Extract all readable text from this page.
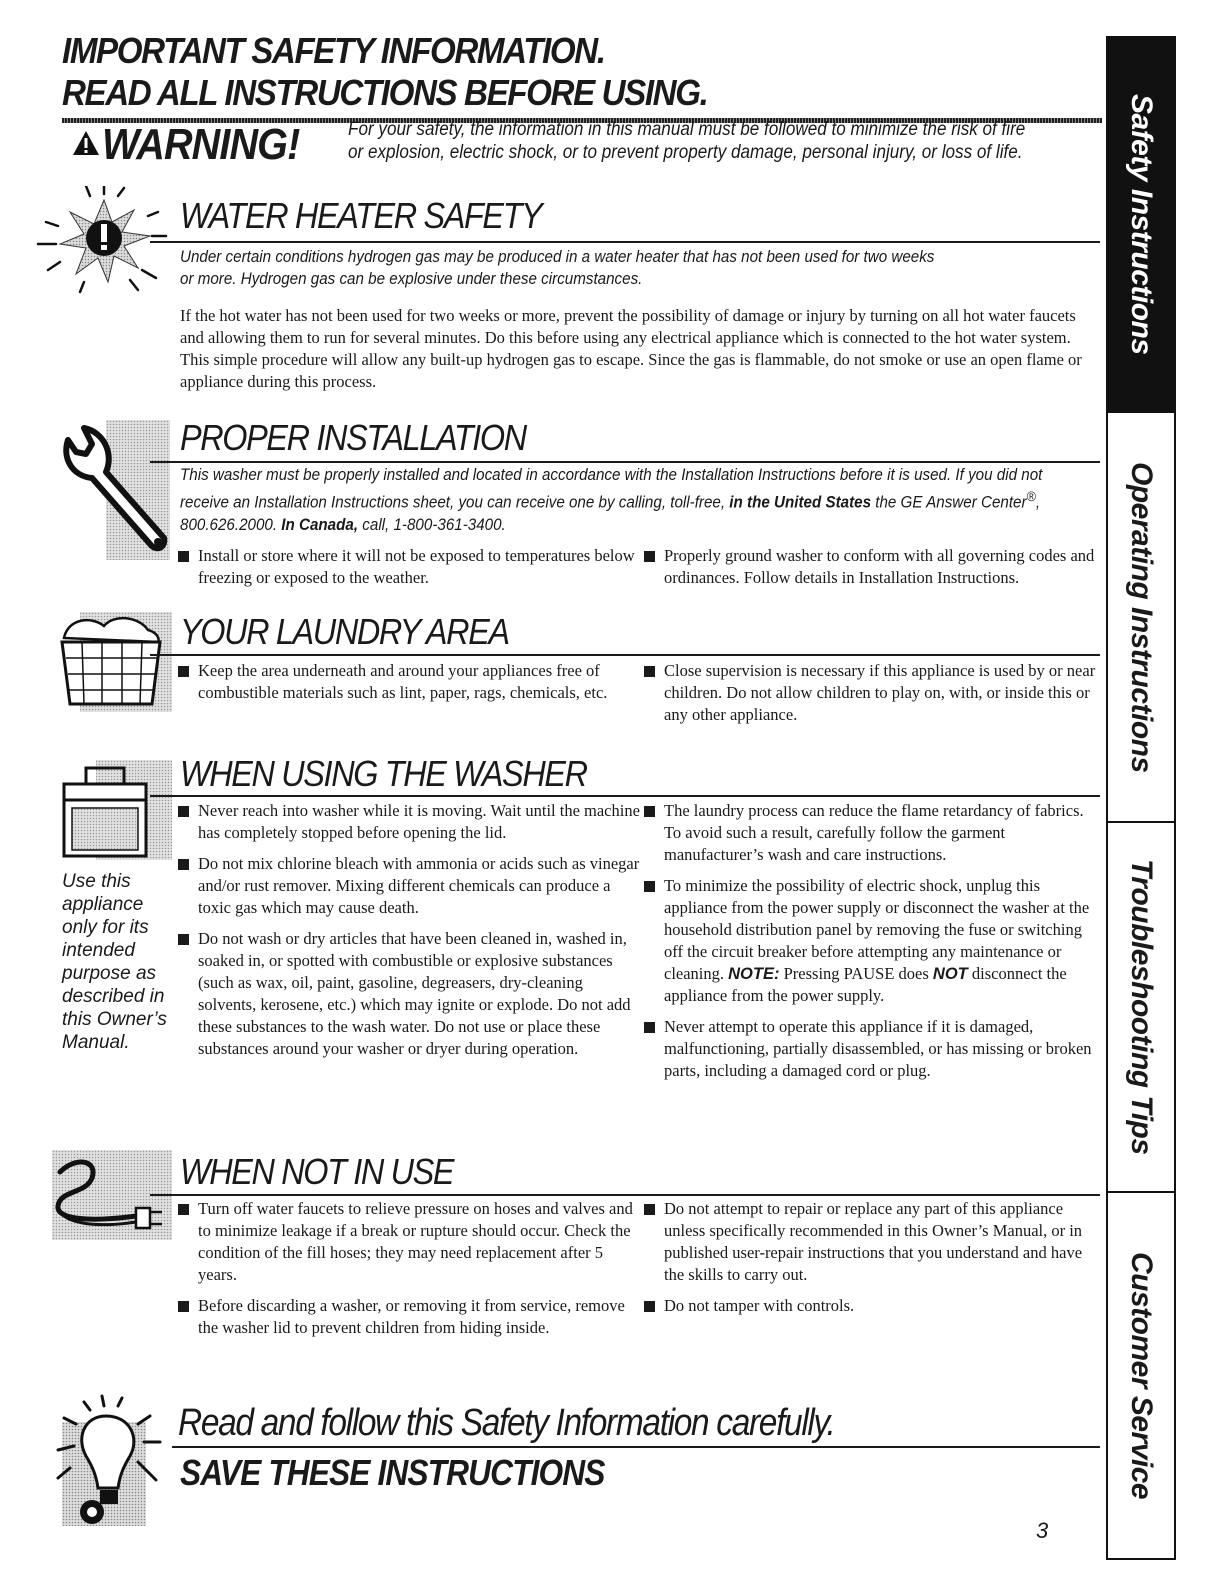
IMPORTANT SAFETY INFORMATION.
READ ALL INSTRUCTIONS BEFORE USING.
WARNING!	For your safety, the information in this manual must be followed to minimize the risk of fire
or explosion, electric shock, or to prevent property damage, personal injury, or loss of life.
WATER HEATER SAFETY
Under certain conditions hydrogen gas may be produced in a water heater that has not been used for two weeks
or more. Hydrogen gas can be explosive under these circumstances.
If the hot water has not been used for two weeks or more, prevent the possibility of damage or injury by turning on all hot water faucets and allowing them to run for several minutes. Do this before using any electrical appliance which is connected to the hot water system. This simple procedure will allow any built-up hydrogen gas to escape. Since the gas is flammable, do not smoke or use an open flame or appliance during this process.
PROPER INSTALLATION
This washer must be properly installed and located in accordance with the Installation Instructions before it is used. If you did not receive an Installation Instructions sheet, you can receive one by calling, toll-free, in the United States the GE Answer Center®, 800.626.2000. In Canada, call, 1-800-361-3400.
Install or store where it will not be exposed to temperatures below freezing or exposed to the weather.
Properly ground washer to conform with all governing codes and ordinances. Follow details in Installation Instructions.
YOUR LAUNDRY AREA
Keep the area underneath and around your appliances free of combustible materials such as lint, paper, rags, chemicals, etc.
Close supervision is necessary if this appliance is used by or near children. Do not allow children to play on, with, or inside this or any other appliance.
WHEN USING THE WASHER
Use this appliance only for its intended purpose as described in this Owner’s Manual.
Never reach into washer while it is moving. Wait until the machine has completely stopped before opening the lid.
Do not mix chlorine bleach with ammonia or acids such as vinegar and/or rust remover. Mixing different chemicals can produce a toxic gas which may cause death.
Do not wash or dry articles that have been cleaned in, washed in, soaked in, or spotted with combustible or explosive substances (such as wax, oil, paint, gasoline, degreasers, dry-cleaning solvents, kerosene, etc.) which may ignite or explode. Do not add these substances to the wash water. Do not use or place these substances around your washer or dryer during operation.
The laundry process can reduce the flame retardancy of fabrics. To avoid such a result, carefully follow the garment manufacturer’s wash and care instructions.
To minimize the possibility of electric shock, unplug this appliance from the power supply or disconnect the washer at the household distribution panel by removing the fuse or switching off the circuit breaker before attempting any maintenance or cleaning. NOTE: Pressing PAUSE does NOT disconnect the appliance from the power supply.
Never attempt to operate this appliance if it is damaged, malfunctioning, partially disassembled, or has missing or broken parts, including a damaged cord or plug.
WHEN NOT IN USE
Turn off water faucets to relieve pressure on hoses and valves and to minimize leakage if a break or rupture should occur. Check the condition of the fill hoses; they may need replacement after 5 years.
Before discarding a washer, or removing it from service, remove the washer lid to prevent children from hiding inside.
Do not attempt to repair or replace any part of this appliance unless specifically recommended in this Owner’s Manual, or in published user-repair instructions that you understand and have the skills to carry out.
Do not tamper with controls.
Read and follow this Safety Information carefully.
SAVE THESE INSTRUCTIONS
3
Safety Instructions
Operating Instructions
Troubleshooting Tips
Customer Service
